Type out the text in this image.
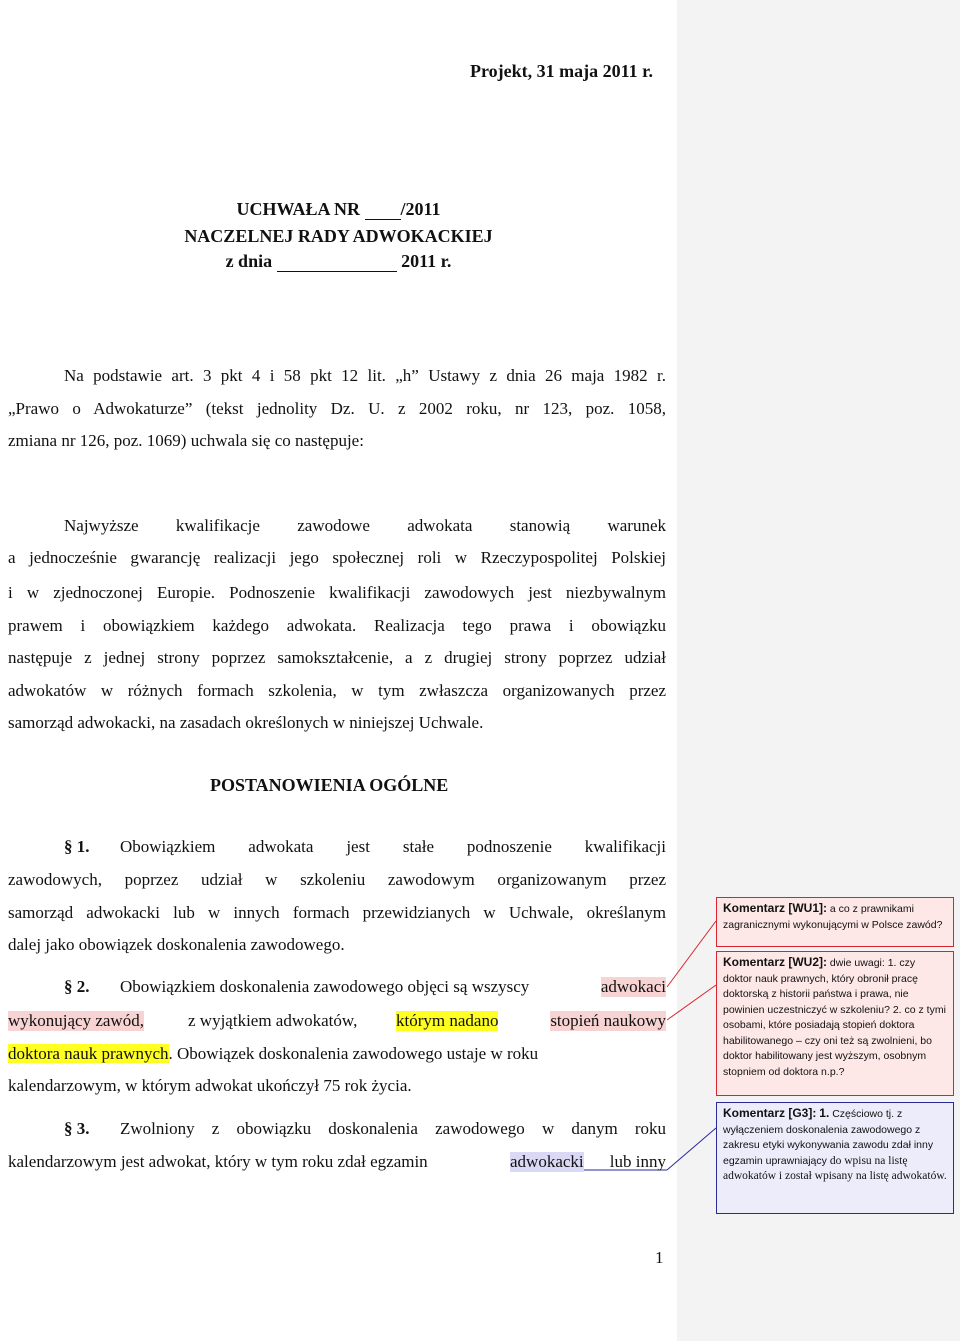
Projekt, 31 maja 2011 r.
UCHWAŁA NR /2011
NACZELNEJ RADY ADWOKACKIEJ
z dnia	2011 r.
Na podstawie art. 3 pkt 4 i 58 pkt 12 lit. „h” Ustawy z dnia 26 maja 1982 r.
„Prawo o Adwokaturze” (tekst jednolity Dz. U. z 2002 roku, nr 123, poz. 1058,
zmiana nr 126, poz. 1069) uchwala się co następuje:
Najwyższe kwalifikacje zawodowe adwokata stanowią warunek
a jednocześnie gwarancję realizacji jego społecznej roli w Rzeczypospolitej Polskiej
i w zjednoczonej Europie. Podnoszenie kwalifikacji zawodowych jest niezbywalnym
prawem i obowiązkiem każdego adwokata. Realizacja tego prawa i obowiązku
następuje z jednej strony poprzez samokształcenie, a z drugiej strony poprzez udział
adwokatów w różnych formach szkolenia, w tym zwłaszcza organizowanych przez
samorząd adwokacki, na zasadach określonych w niniejszej Uchwale.
POSTANOWIENIA OGÓLNE
§ 1. Obowiązkiem adwokata jest stałe podnoszenie kwalifikacji
zawodowych, poprzez udział w szkoleniu zawodowym organizowanym przez
samorząd adwokacki lub w innych formach przewidzianych w Uchwale, określanym
dalej jako obowiązek doskonalenia zawodowego.
§ 2. Obowiązkiem doskonalenia zawodowego objęci są wszyscy	adwokaci
wykonujący zawód,	z wyjątkiem adwokatów, którym nadano	stopień naukowy
doktora nauk prawnych. Obowiązek doskonalenia zawodowego ustaje w roku
kalendarzowym, w którym adwokat ukończył 75 rok życia.
§ 3. Zwolniony z obowiązku doskonalenia zawodowego w danym roku
kalendarzowym jest adwokat, który w tym roku zdał egzamin	adwokacki lub inny
1
Komentarz [WU1]: a co z prawnikami zagranicznymi wykonującymi w Polsce zawód?
Komentarz [WU2]: dwie uwagi: 1. czy doktor nauk prawnych, który obronił pracę doktorską z historii państwa i prawa, nie powinien uczestniczyć w szkoleniu? 2. co z tymi osobami, które posiadają stopień doktora habilitowanego – czy oni też są zwolnieni, bo doktor habilitowany jest wyższym, osobnym stopniem od doktora n.p.?
Komentarz [G3]: 1. Częściowo tj. z wyłączeniem doskonalenia zawodowego z zakresu etyki wykonywania zawodu zdał inny egzamin uprawniający do wpisu na listę adwokatów i został wpisany na listę adwokatów.
